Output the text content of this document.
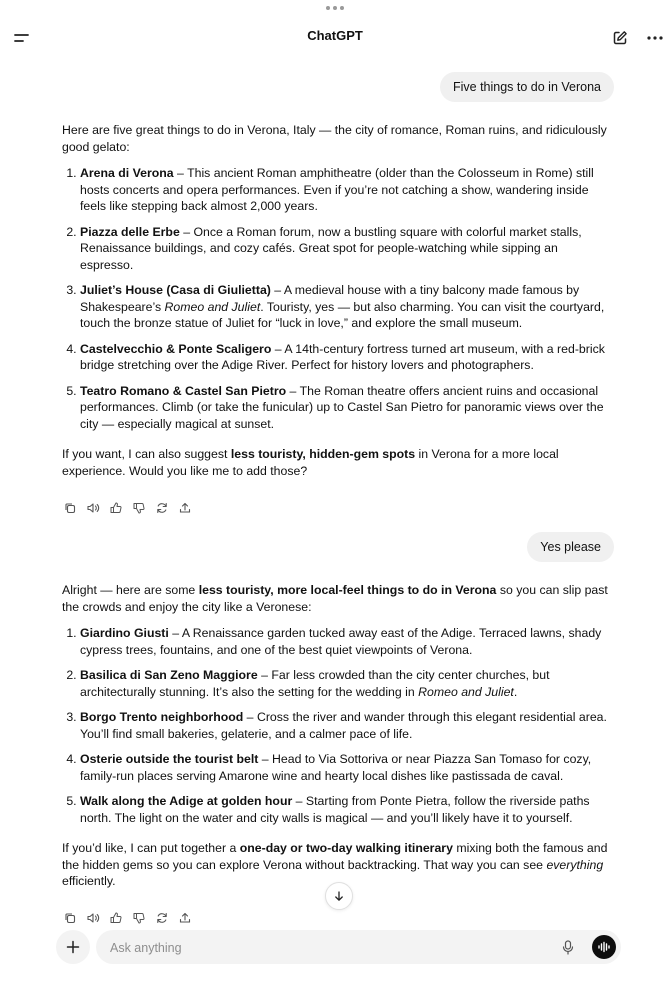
ChatGPT
Five things to do in Verona

Here are five great things to do in Verona, Italy — the city of romance, Roman ruins, and ridiculously good gelato:

1. Arena di Verona – This ancient Roman amphitheatre (older than the Colosseum in Rome) still hosts concerts and opera performances. Even if you’re not catching a show, wandering inside feels like stepping back almost 2,000 years.
2. Piazza delle Erbe – Once a Roman forum, now a bustling square with colorful market stalls, Renaissance buildings, and cozy cafés. Great spot for people-watching while sipping an espresso.
3. Juliet’s House (Casa di Giulietta) – A medieval house with a tiny balcony made famous by Shakespeare’s Romeo and Juliet. Touristy, yes — but also charming. You can visit the courtyard, touch the bronze statue of Juliet for “luck in love,” and explore the small museum.
4. Castelvecchio & Ponte Scaligero – A 14th-century fortress turned art museum, with a red-brick bridge stretching over the Adige River. Perfect for history lovers and photographers.
5. Teatro Romano & Castel San Pietro – The Roman theatre offers ancient ruins and occasional performances. Climb (or take the funicular) up to Castel San Pietro for panoramic views over the city — especially magical at sunset.

If you want, I can also suggest less touristy, hidden-gem spots in Verona for a more local experience. Would you like me to add those?

Yes please

Alright — here are some less touristy, more local-feel things to do in Verona so you can slip past the crowds and enjoy the city like a Veronese:

1. Giardino Giusti – A Renaissance garden tucked away east of the Adige. Terraced lawns, shady cypress trees, fountains, and one of the best quiet viewpoints of Verona.
2. Basilica di San Zeno Maggiore – Far less crowded than the city center churches, but architecturally stunning. It’s also the setting for the wedding in Romeo and Juliet.
3. Borgo Trento neighborhood – Cross the river and wander through this elegant residential area. You’ll find small bakeries, gelaterie, and a calmer pace of life.
4. Osterie outside the tourist belt – Head to Via Sottoriva or near Piazza San Tomaso for cozy, family-run places serving Amarone wine and hearty local dishes like pastissada de caval.
5. Walk along the Adige at golden hour – Starting from Ponte Pietra, follow the riverside paths north. The light on the water and city walls is magical — and you’ll likely have it to yourself.

If you’d like, I can put together a one-day or two-day walking itinerary mixing both the famous and the hidden gems so you can explore Verona without backtracking. That way you can see everything efficiently.

Ask anything
